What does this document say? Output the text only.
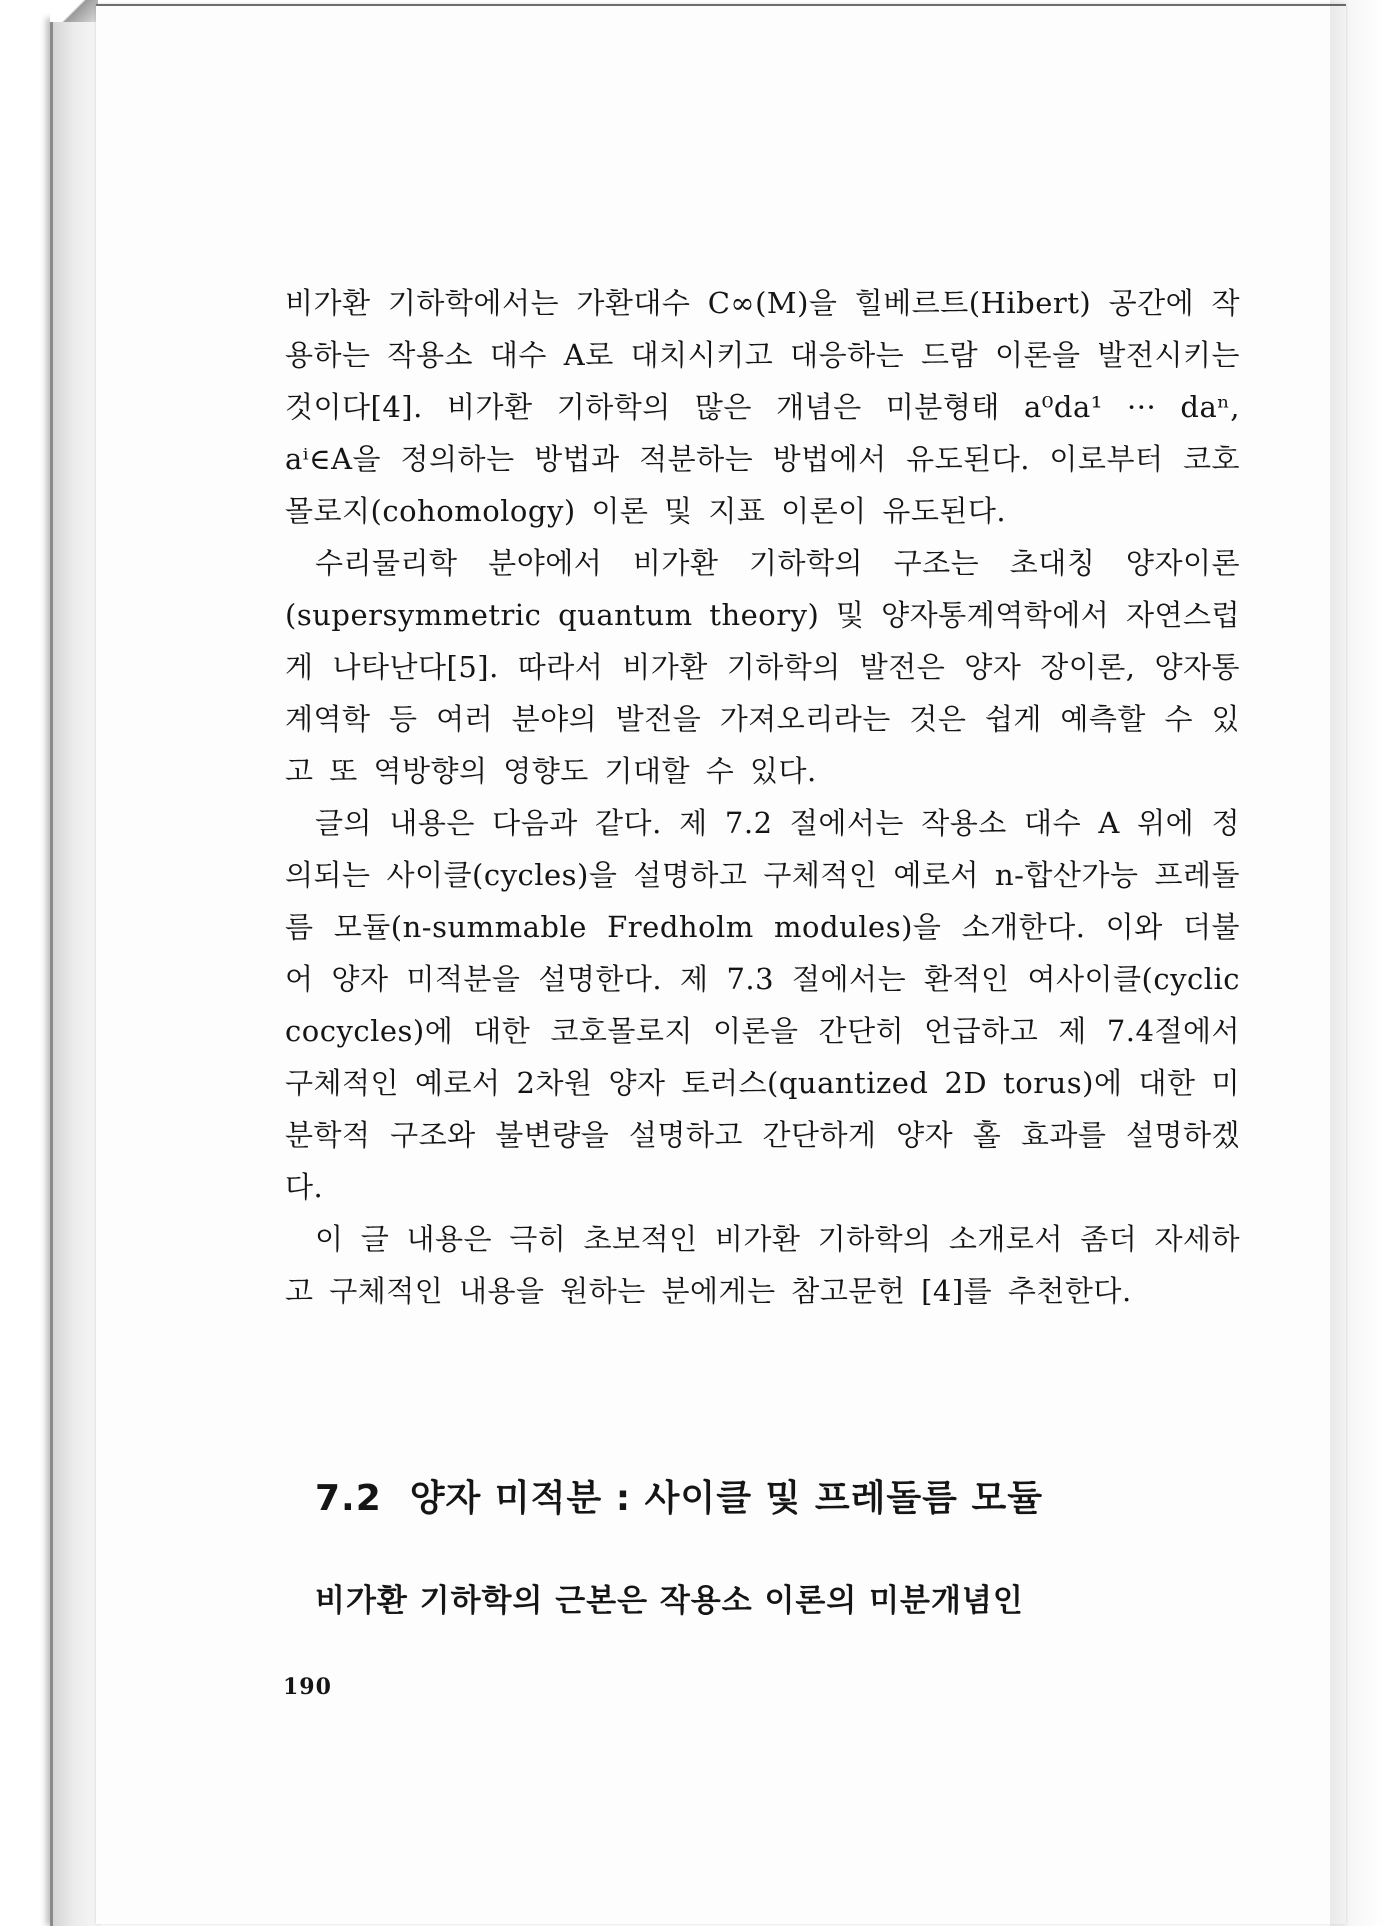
비가환 기하학에서는 가환대수 C∞(M)을 힐베르트(Hibert) 공간에 작용하는 작용소 대수 A로 대치시키고 대응하는 드람 이론을 발전시키는 것이다[4]. 비가환 기하학의 많은 개념은 미분형태 a⁰da¹ ··· daⁿ, aⁱ∈A을 정의하는 방법과 적분하는 방법에서 유도된다. 이로부터 코호몰로지(cohomology) 이론 및 지표 이론이 유도된다.

수리물리학 분야에서 비가환 기하학의 구조는 초대칭 양자이론(supersymmetric quantum theory) 및 양자통계역학에서 자연스럽게 나타난다[5]. 따라서 비가환 기하학의 발전은 양자 장이론, 양자통계역학 등 여러 분야의 발전을 가져오리라는 것은 쉽게 예측할 수 있고 또 역방향의 영향도 기대할 수 있다.

글의 내용은 다음과 같다. 제 7.2 절에서는 작용소 대수 A 위에 정의되는 사이클(cycles)을 설명하고 구체적인 예로서 n-합산가능 프레돌름 모듈(n-summable Fredholm modules)을 소개한다. 이와 더불어 양자 미적분을 설명한다. 제 7.3 절에서는 환적인 여사이클(cyclic cocycles)에 대한 코호몰로지 이론을 간단히 언급하고 제 7.4절에서 구체적인 예로서 2차원 양자 토러스(quantized 2D torus)에 대한 미분학적 구조와 불변량을 설명하고 간단하게 양자 홀 효과를 설명하겠다.

이 글 내용은 극히 초보적인 비가환 기하학의 소개로서 좀더 자세하고 구체적인 내용을 원하는 분에게는 참고문헌 [4]를 추천한다.

7.2 양자 미적분 : 사이클 및 프레돌름 모듈

비가환 기하학의 근본은 작용소 이론의 미분개념인

190
